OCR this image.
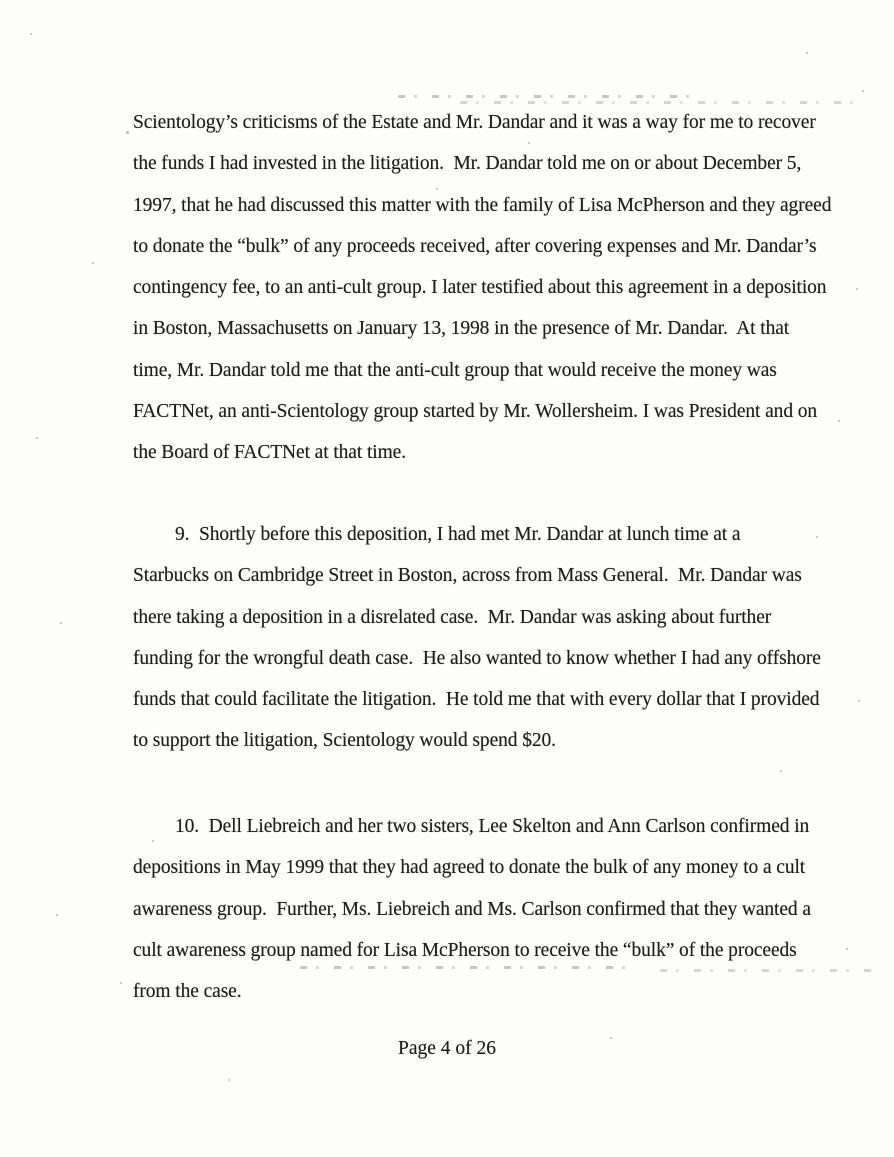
Scientology’s criticisms of the Estate and Mr. Dandar and it was a way for me to recover
the funds I had invested in the litigation.  Mr. Dandar told me on or about December 5,
1997, that he had discussed this matter with the family of Lisa McPherson and they agreed
to donate the “bulk” of any proceeds received, after covering expenses and Mr. Dandar’s
contingency fee, to an anti-cult group. I later testified about this agreement in a deposition
in Boston, Massachusetts on January 13, 1998 in the presence of Mr. Dandar.  At that
time, Mr. Dandar told me that the anti-cult group that would receive the money was
FACTNet, an anti-Scientology group started by Mr. Wollersheim. I was President and on
the Board of FACTNet at that time.
9.  Shortly before this deposition, I had met Mr. Dandar at lunch time at a
Starbucks on Cambridge Street in Boston, across from Mass General.  Mr. Dandar was
there taking a deposition in a disrelated case.  Mr. Dandar was asking about further
funding for the wrongful death case.  He also wanted to know whether I had any offshore
funds that could facilitate the litigation.  He told me that with every dollar that I provided
to support the litigation, Scientology would spend $20.
10.  Dell Liebreich and her two sisters, Lee Skelton and Ann Carlson confirmed in
depositions in May 1999 that they had agreed to donate the bulk of any money to a cult
awareness group.  Further, Ms. Liebreich and Ms. Carlson confirmed that they wanted a
cult awareness group named for Lisa McPherson to receive the “bulk” of the proceeds
from the case.
Page 4 of 26
